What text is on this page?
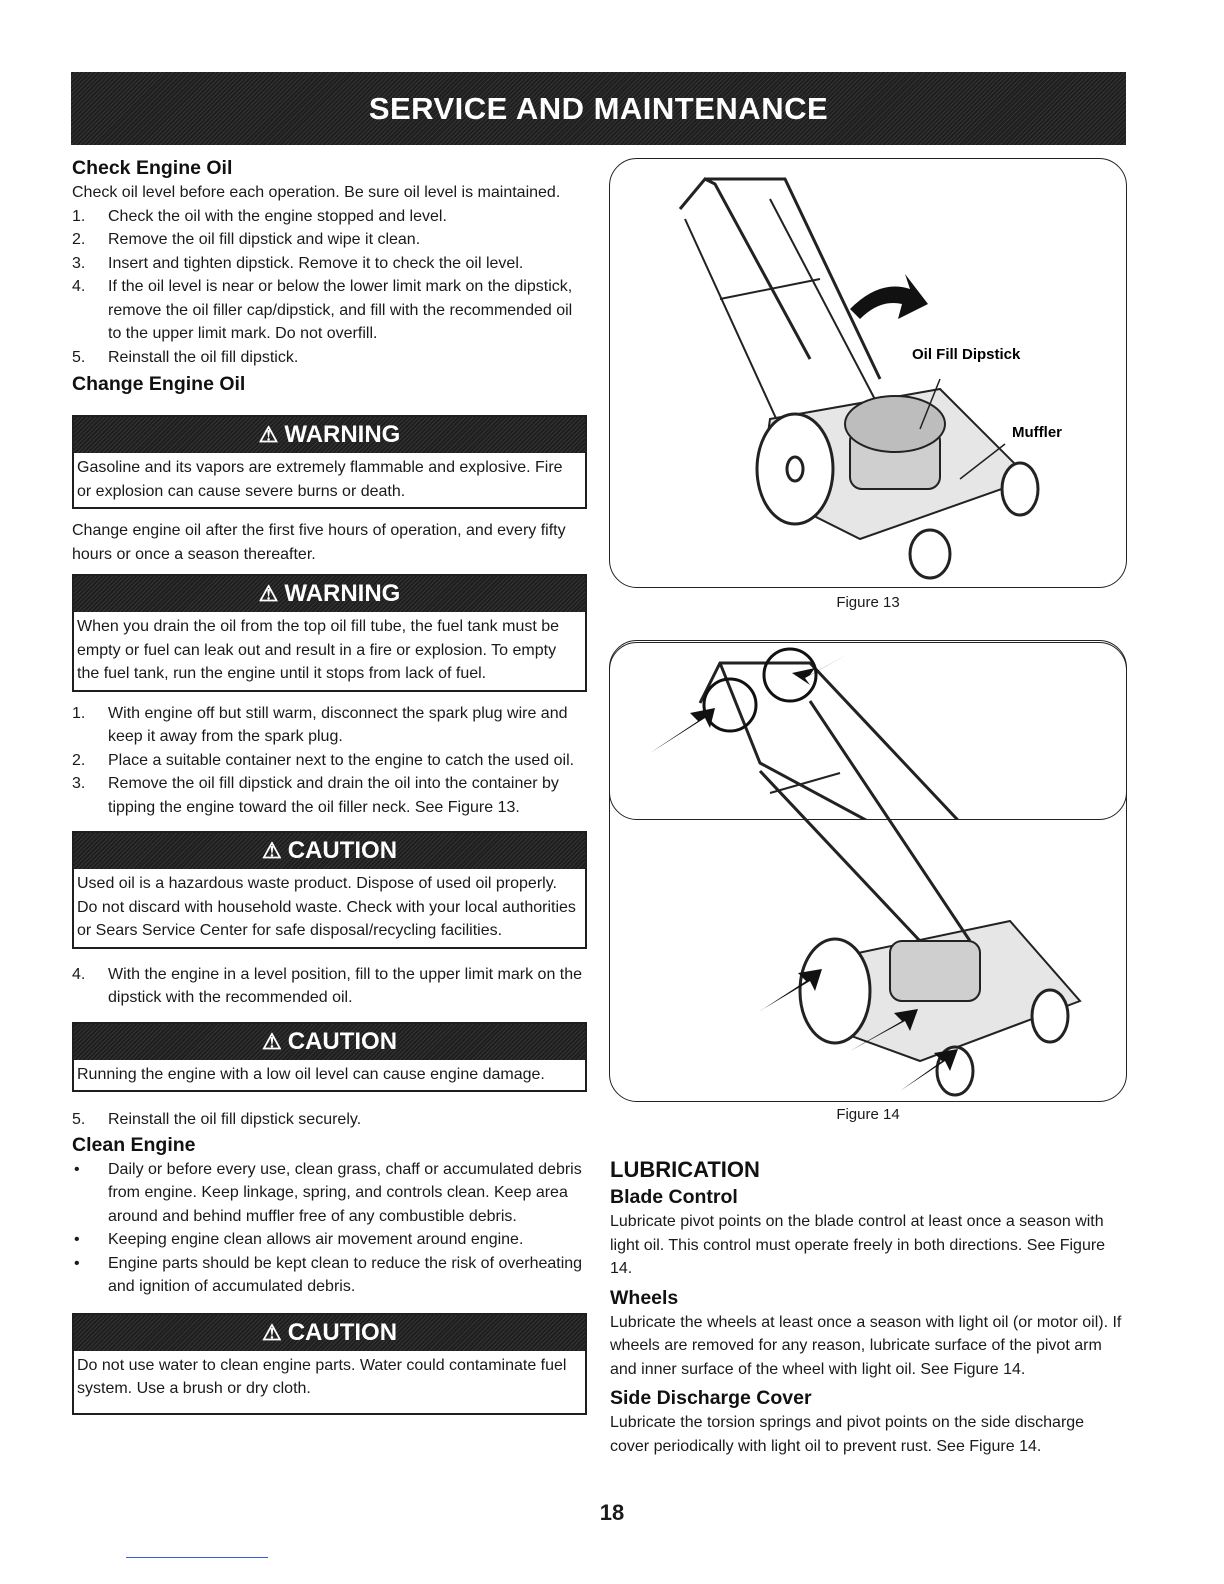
SERVICE AND MAINTENANCE
Check Engine Oil

Check oil level before each operation. Be sure oil level is maintained.

1. Check the oil with the engine stopped and level.
2. Remove the oil fill dipstick and wipe it clean.
3. Insert and tighten dipstick. Remove it to check the oil level.
4. If the oil level is near or below the lower limit mark on the dipstick, remove the oil filler cap/dipstick, and fill with the recommended oil to the upper limit mark. Do not overfill.
5. Reinstall the oil fill dipstick.
Change Engine Oil
⚠ WARNING
Gasoline and its vapors are extremely flammable and explosive. Fire or explosion can cause severe burns or death.

Change engine oil after the first five hours of operation, and every fifty hours or once a season thereafter.

⚠ WARNING
When you drain the oil from the top oil fill tube, the fuel tank must be empty or fuel can leak out and result in a fire or explosion. To empty the fuel tank, run the engine until it stops from lack of fuel.
1. With engine off but still warm, disconnect the spark plug wire and keep it away from the spark plug.
2. Place a suitable container next to the engine to catch the used oil.
3. Remove the oil fill dipstick and drain the oil into the container by tipping the engine toward the oil filler neck. See Figure 13.
⚠ CAUTION
Used oil is a hazardous waste product. Dispose of used oil properly. Do not discard with household waste. Check with your local authorities or Sears Service Center for safe disposal/recycling facilities.
4. With the engine in a level position, fill to the upper limit mark on the dipstick with the recommended oil.
⚠ CAUTION
Running the engine with a low oil level can cause engine damage.
5. Reinstall the oil fill dipstick securely.
Clean Engine
• Daily or before every use, clean grass, chaff or accumulated debris from engine. Keep linkage, spring, and controls clean. Keep area around and behind muffler free of any combustible debris.
• Keeping engine clean allows air movement around engine.
• Engine parts should be kept clean to reduce the risk of overheating and ignition of accumulated debris.
⚠ CAUTION
Do not use water to clean engine parts. Water could contaminate fuel system. Use a brush or dry cloth.
Oil Fill Dipstick
Muffler
Figure 13
Figure 14
LUBRICATION
Blade Control

Lubricate pivot points on the blade control at least once a season with light oil. This control must operate freely in both directions. See Figure 14.

Wheels

Lubricate the wheels at least once a season with light oil (or motor oil). If wheels are removed for any reason, lubricate surface of the pivot arm and inner surface of the wheel with light oil. See Figure 14.

Side Discharge Cover

Lubricate the torsion springs and pivot points on the side discharge cover periodically with light oil to prevent rust. See Figure 14.

18
